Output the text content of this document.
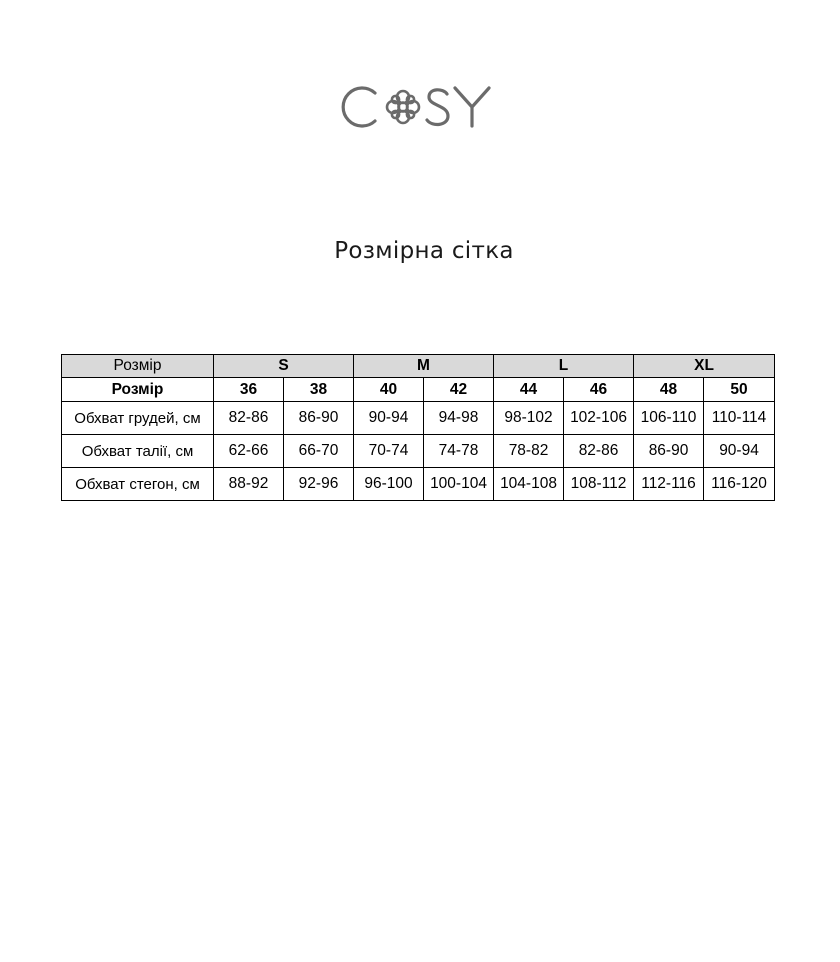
Розмірна сітка
Розмір	S		M		L		XL	
Розмір	36	38	40	42	44	46	48	50
Обхват грудей, см	82-86	86-90	90-94	94-98	98-102	102-106	106-110	110-114
Обхват талії, см	62-66	66-70	70-74	74-78	78-82	82-86	86-90	90-94
Обхват стегон, см	88-92	92-96	96-100	100-104	104-108	108-112	112-116	116-120
